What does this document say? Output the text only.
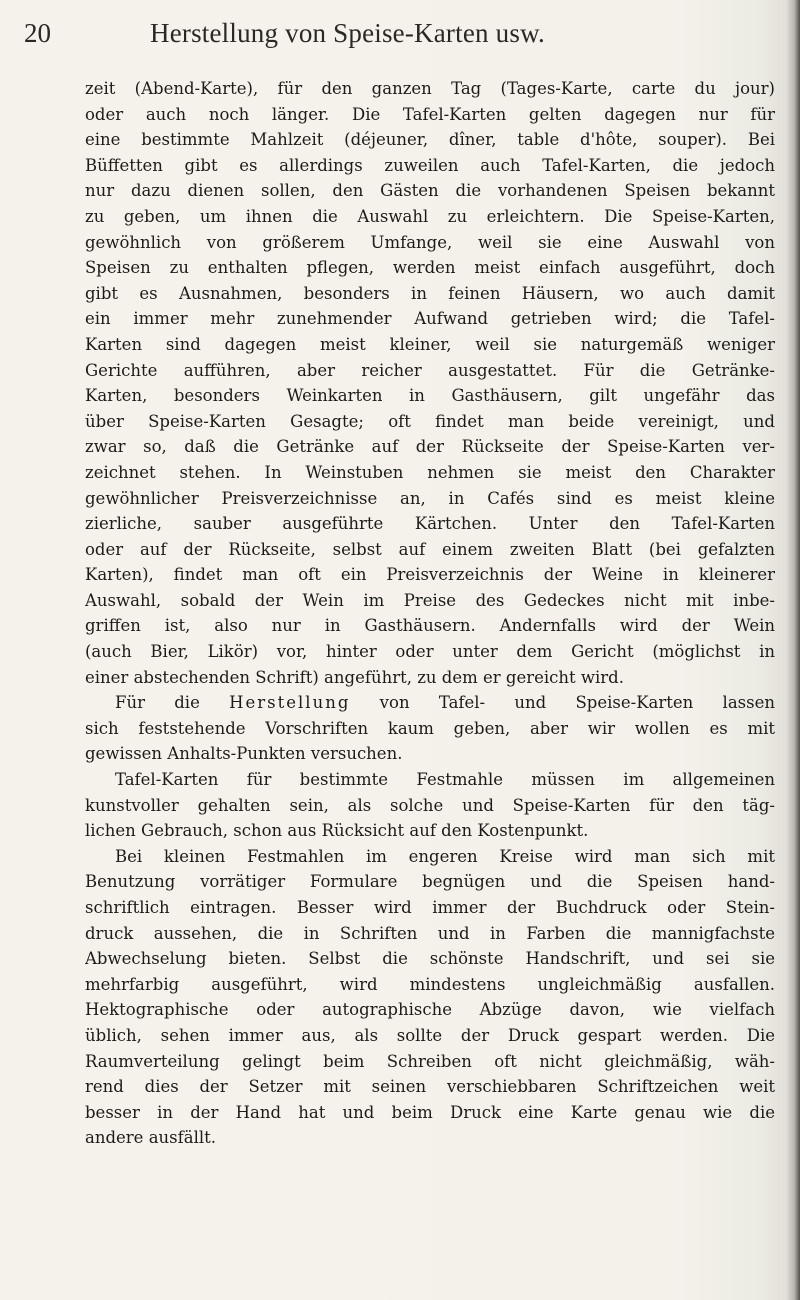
20	Herstellung von Speise-Karten usw.
zeit (Abend-Karte), für den ganzen Tag (Tages-Karte, carte du jour)
oder auch noch länger. Die Tafel-Karten gelten dagegen nur für
eine bestimmte Mahlzeit (déjeuner, dîner, table d'hôte, souper). Bei
Büffetten gibt es allerdings zuweilen auch Tafel-Karten, die jedoch
nur dazu dienen sollen, den Gästen die vorhandenen Speisen bekannt
zu geben, um ihnen die Auswahl zu erleichtern. Die Speise-Karten,
gewöhnlich von größerem Umfange, weil sie eine Auswahl von
Speisen zu enthalten pflegen, werden meist einfach ausgeführt, doch
gibt es Ausnahmen, besonders in feinen Häusern, wo auch damit
ein immer mehr zunehmender Aufwand getrieben wird; die Tafel-
Karten sind dagegen meist kleiner, weil sie naturgemäß weniger
Gerichte aufführen, aber reicher ausgestattet. Für die Getränke-
Karten, besonders Weinkarten in Gasthäusern, gilt ungefähr das
über Speise-Karten Gesagte; oft findet man beide vereinigt, und
zwar so, daß die Getränke auf der Rückseite der Speise-Karten ver-
zeichnet stehen. In Weinstuben nehmen sie meist den Charakter
gewöhnlicher Preisverzeichnisse an, in Cafés sind es meist kleine
zierliche, sauber ausgeführte Kärtchen. Unter den Tafel-Karten
oder auf der Rückseite, selbst auf einem zweiten Blatt (bei gefalzten
Karten), findet man oft ein Preisverzeichnis der Weine in kleinerer
Auswahl, sobald der Wein im Preise des Gedeckes nicht mit inbe-
griffen ist, also nur in Gasthäusern. Andernfalls wird der Wein
(auch Bier, Likör) vor, hinter oder unter dem Gericht (möglichst in
einer abstechenden Schrift) angeführt, zu dem er gereicht wird.
Für die Herstellung von Tafel- und Speise-Karten lassen
sich feststehende Vorschriften kaum geben, aber wir wollen es mit
gewissen Anhalts-Punkten versuchen.
Tafel-Karten für bestimmte Festmahle müssen im allgemeinen
kunstvoller gehalten sein, als solche und Speise-Karten für den täg-
lichen Gebrauch, schon aus Rücksicht auf den Kostenpunkt.
Bei kleinen Festmahlen im engeren Kreise wird man sich mit
Benutzung vorrätiger Formulare begnügen und die Speisen hand-
schriftlich eintragen. Besser wird immer der Buchdruck oder Stein-
druck aussehen, die in Schriften und in Farben die mannigfachste
Abwechselung bieten. Selbst die schönste Handschrift, und sei sie
mehrfarbig ausgeführt, wird mindestens ungleichmäßig ausfallen.
Hektographische oder autographische Abzüge davon, wie vielfach
üblich, sehen immer aus, als sollte der Druck gespart werden. Die
Raumverteilung gelingt beim Schreiben oft nicht gleichmäßig, wäh-
rend dies der Setzer mit seinen verschiebbaren Schriftzeichen weit
besser in der Hand hat und beim Druck eine Karte genau wie die
andere ausfällt.
